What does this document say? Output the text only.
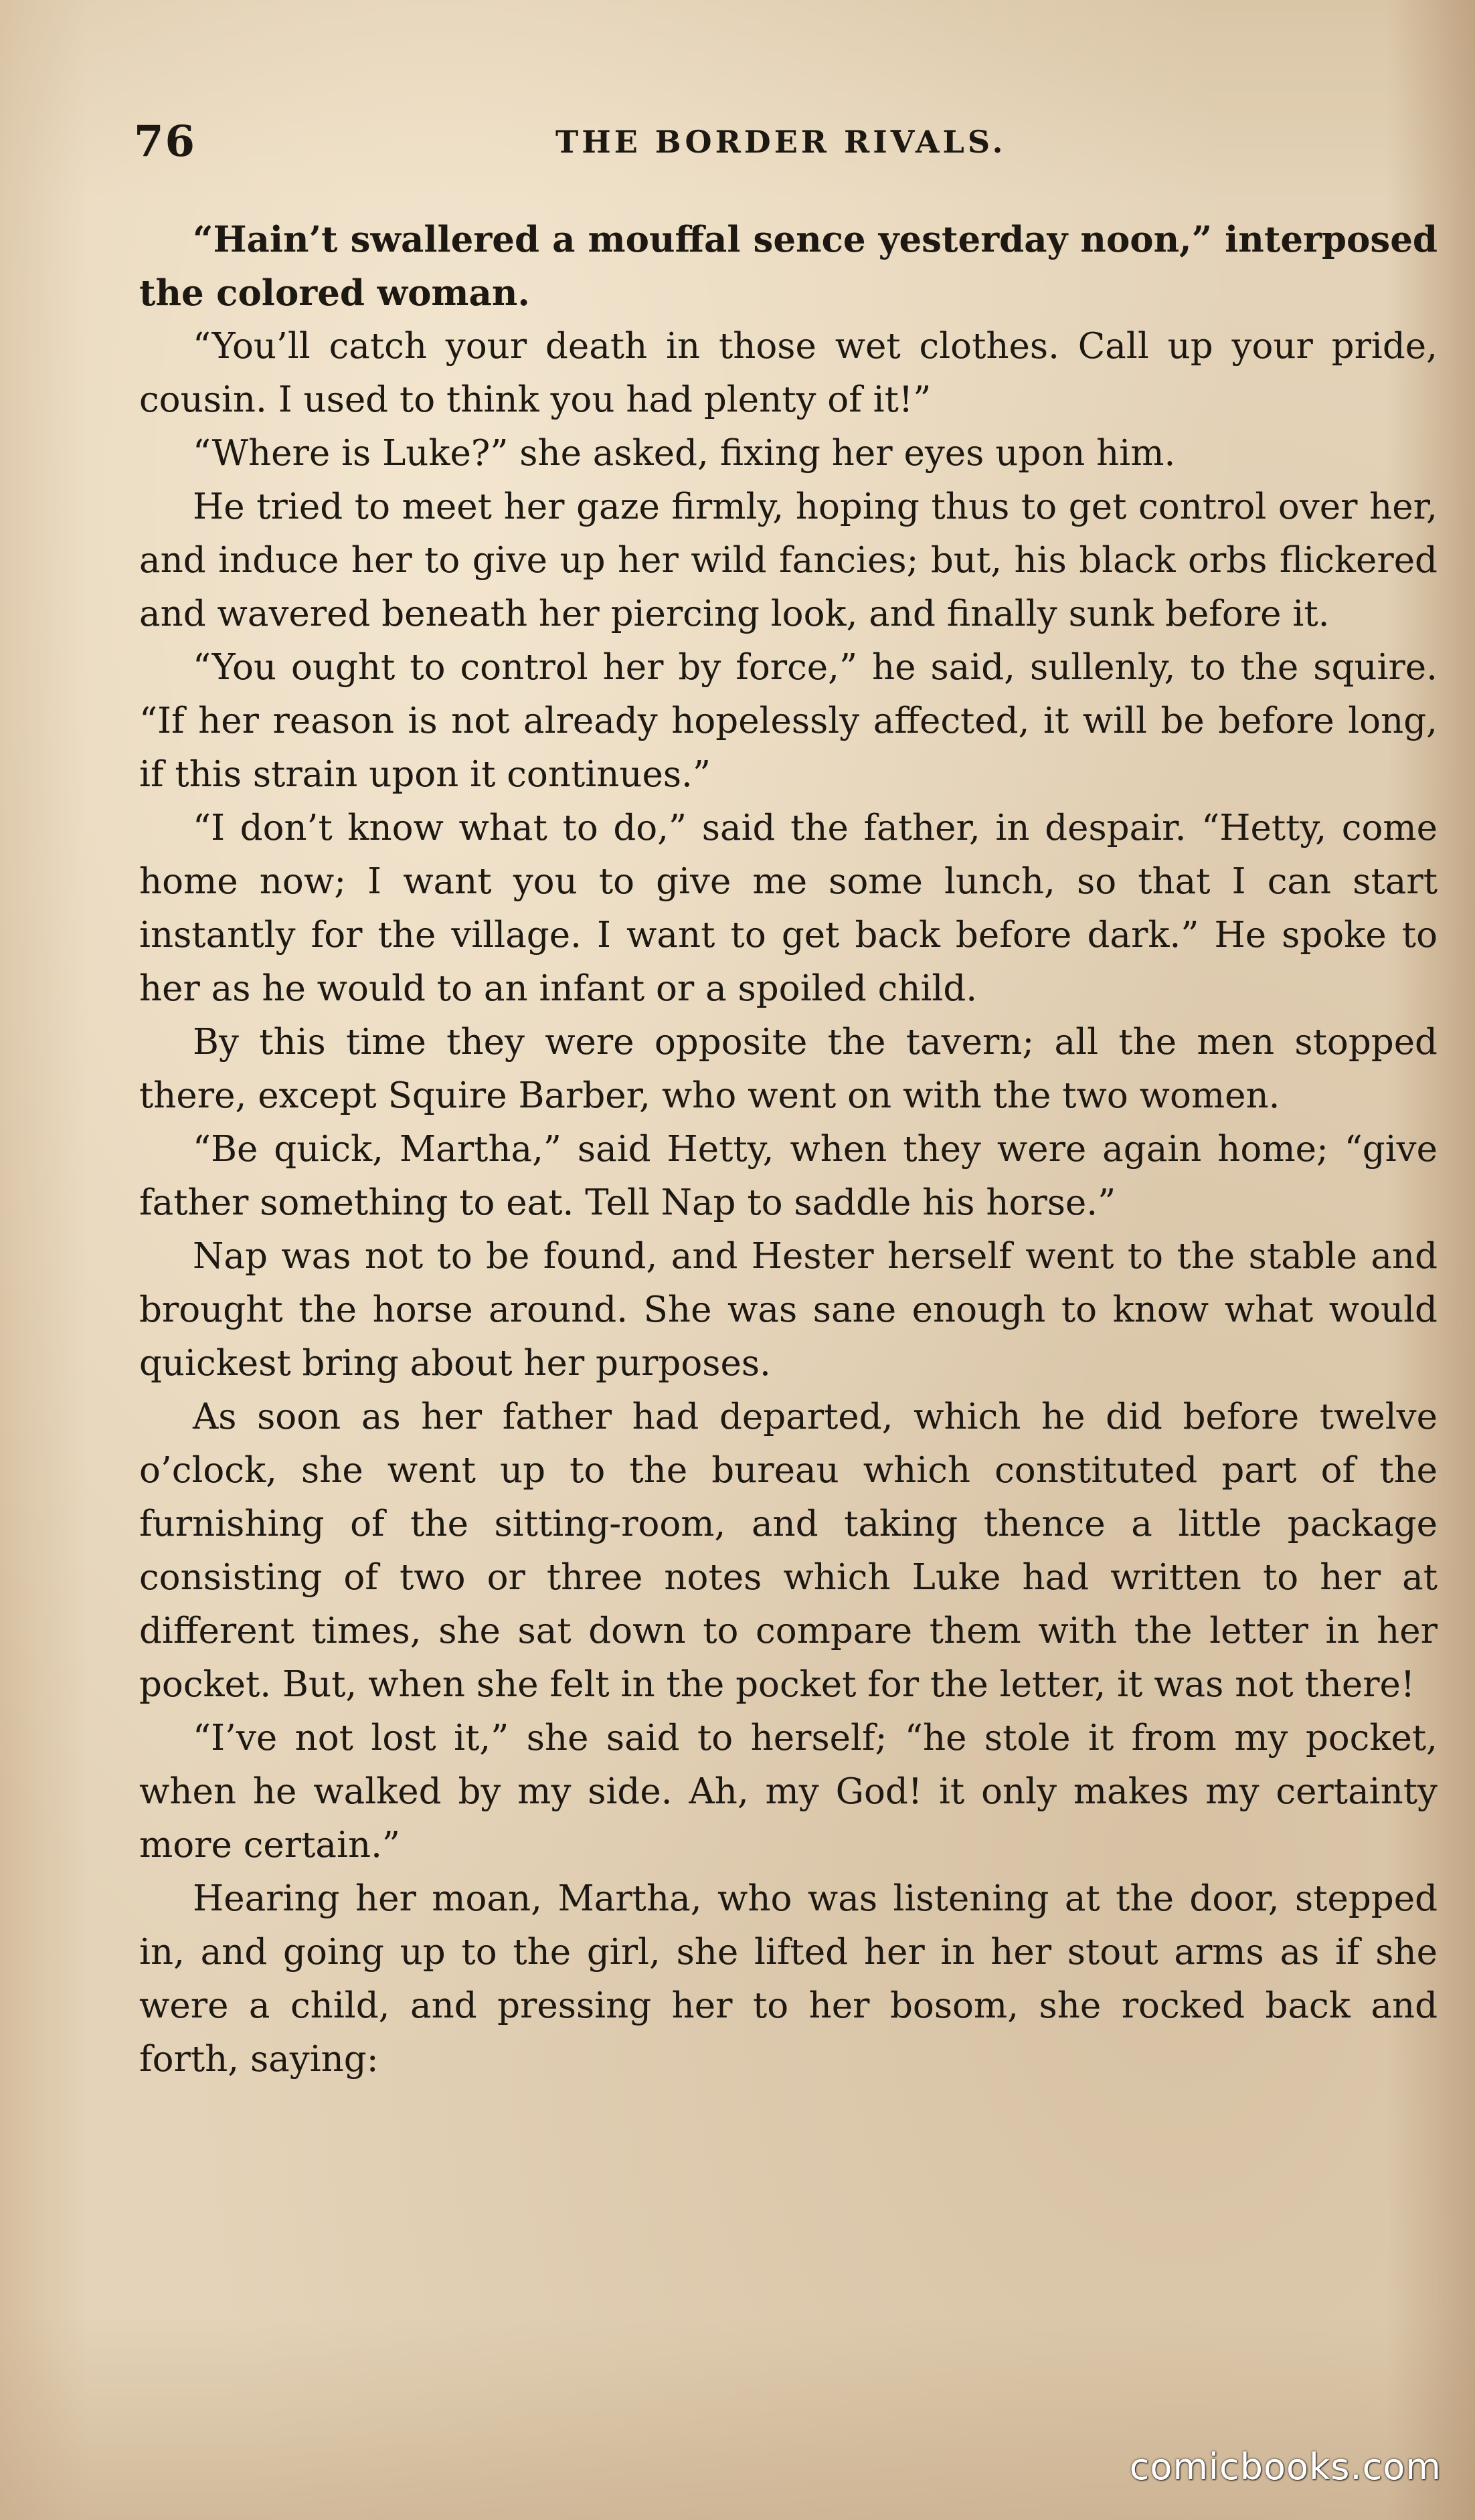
76	THE BORDER RIVALS.

“Hain’t swallered a mouffal sence yesterday noon,” interposed the colored woman.

“You’ll catch your death in those wet clothes. Call up your pride, cousin. I used to think you had plenty of it!”

“Where is Luke?” she asked, fixing her eyes upon him.

He tried to meet her gaze firmly, hoping thus to get control over her, and induce her to give up her wild fancies; but, his black orbs flickered and wavered beneath her piercing look, and finally sunk before it.

“You ought to control her by force,” he said, sullenly, to the squire. “If her reason is not already hopelessly affected, it will be before long, if this strain upon it continues.”

“I don’t know what to do,” said the father, in despair. “Hetty, come home now; I want you to give me some lunch, so that I can start instantly for the village. I want to get back before dark.” He spoke to her as he would to an infant or a spoiled child.

By this time they were opposite the tavern; all the men stopped there, except Squire Barber, who went on with the two women.

“Be quick, Martha,” said Hetty, when they were again home; “give father something to eat. Tell Nap to saddle his horse.”

Nap was not to be found, and Hester herself went to the stable and brought the horse around. She was sane enough to know what would quickest bring about her purposes.

As soon as her father had departed, which he did before twelve o’clock, she went up to the bureau which constituted part of the furnishing of the sitting-room, and taking thence a little package consisting of two or three notes which Luke had written to her at different times, she sat down to compare them with the letter in her pocket. But, when she felt in the pocket for the letter, it was not there!

“I’ve not lost it,” she said to herself; “he stole it from my pocket, when he walked by my side. Ah, my God! it only makes my certainty more certain.”

Hearing her moan, Martha, who was listening at the door, stepped in, and going up to the girl, she lifted her in her stout arms as if she were a child, and pressing her to her bosom, she rocked back and forth, saying:

comicbooks.com
